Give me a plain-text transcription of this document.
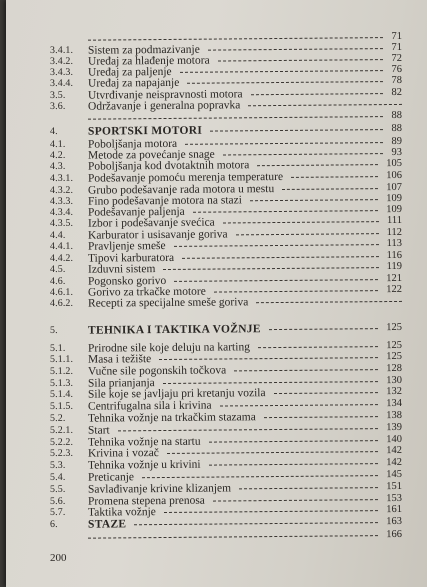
71
3.4.1. Sistem za podmazivanje	71
3.4.2. Uređaj za hlađenje motora	72
3.4.3. Uređaj za paljenje	76
3.4.4. Uređaj za napajanje	78
3.5. Utvrđivanje neispravnosti motora	82
3.6. Održavanje i generalna popravka
88
4.	SPORTSKI MOTORI	88
4.1. Poboljšanja motora	89
4.2. Metode za povećanje snage	93
4.3. Poboljšanja kod dvotaktnih motora	105
4.3.1. Podešavanje pomoću merenja temperature	106
4.3.2. Grubo podešavanje rada motora u mestu	107
4.3.3. Fino podešavanje motora na stazi	109
4.3.4. Podešavanje paljenja	109
4.3.5. Izbor i podešavanje svećica	111
4.4. Karburator i usisavanje goriva	112
4.4.1. Pravljenje smeše	113
4.4.2. Tipovi karburatora	116
4.5. Izduvni sistem	119
4.6. Pogonsko gorivo	121
4.6.1. Gorivo za trkačke motore	122
4.6.2. Recepti za specijalne smeše goriva
5.	TEHNIKA I TAKTIKA VOŽNJE	125
5.1. Prirodne sile koje deluju na karting	125
5.1.1. Masa i težište	125
5.1.2. Vučne sile pogonskih točkova	128
5.1.3. Sila prianjanja	130
5.1.4. Sile koje se javljaju pri kretanju vozila	132
5.1.5. Centrifugalna sila i krivina	134
5.2. Tehnika vožnje na trkačkim stazama	138
5.2.1. Start	139
5.2.2. Tehnika vožnje na startu	140
5.2.3. Krivina i vozač	142
5.3. Tehnika vožnje u krivini	142
5.4. Preticanje	145
5.5. Savlađivanje krivine klizanjem	151
5.6. Promena stepena prenosa	153
5.7. Taktika vožnje	161
6.	STAZE	163
166
200
